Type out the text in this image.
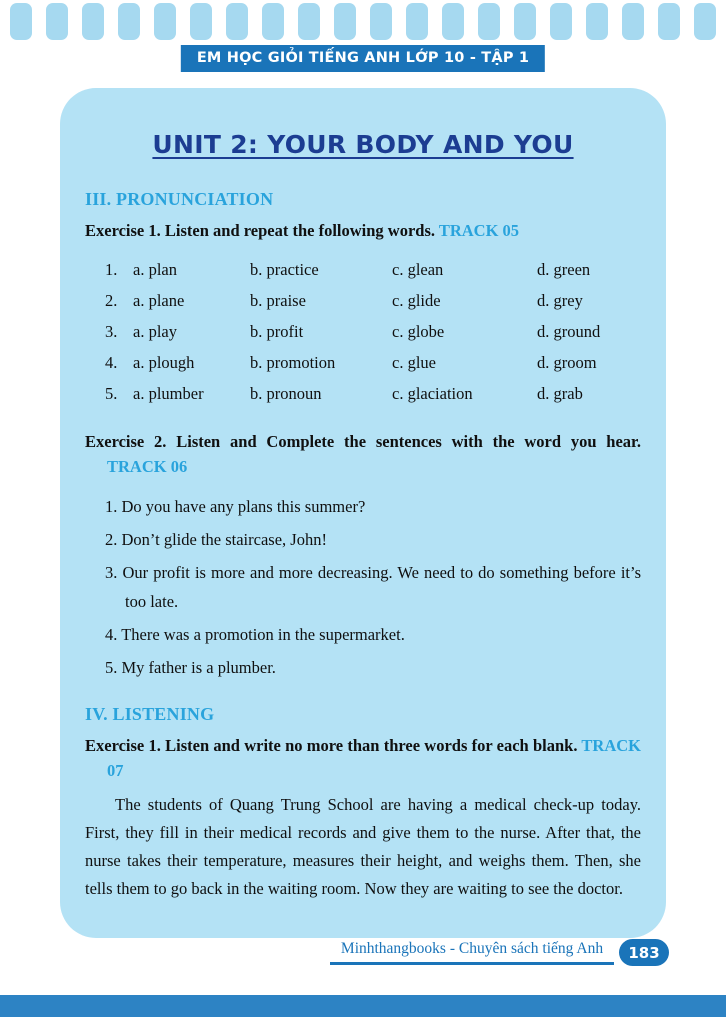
EM HỌC GIỎI TIẾNG ANH LỚP 10 - TẬP 1
UNIT 2: YOUR BODY AND YOU
III. PRONUNCIATION
Exercise 1. Listen and repeat the following words. TRACK 05
1. a. plan	b. practice	c. glean	d. green
2. a. plane	b. praise	c. glide	d. grey
3. a. play	b. profit	c. globe	d. ground
4. a. plough	b. promotion	c. glue	d. groom
5. a. plumber	b. pronoun	c. glaciation	d. grab
Exercise 2. Listen and Complete the sentences with the word you hear. TRACK 06
1. Do you have any plans this summer?
2. Don’t glide the staircase, John!
3. Our profit is more and more decreasing. We need to do something before it’s too late.
4. There was a promotion in the supermarket.
5. My father is a plumber.
IV. LISTENING
Exercise 1. Listen and write no more than three words for each blank. TRACK 07
The students of Quang Trung School are having a medical check-up today. First, they fill in their medical records and give them to the nurse. After that, the nurse takes their temperature, measures their height, and weighs them. Then, she tells them to go back in the waiting room. Now they are waiting to see the doctor.
Minhthangbooks - Chuyên sách tiếng Anh	183
